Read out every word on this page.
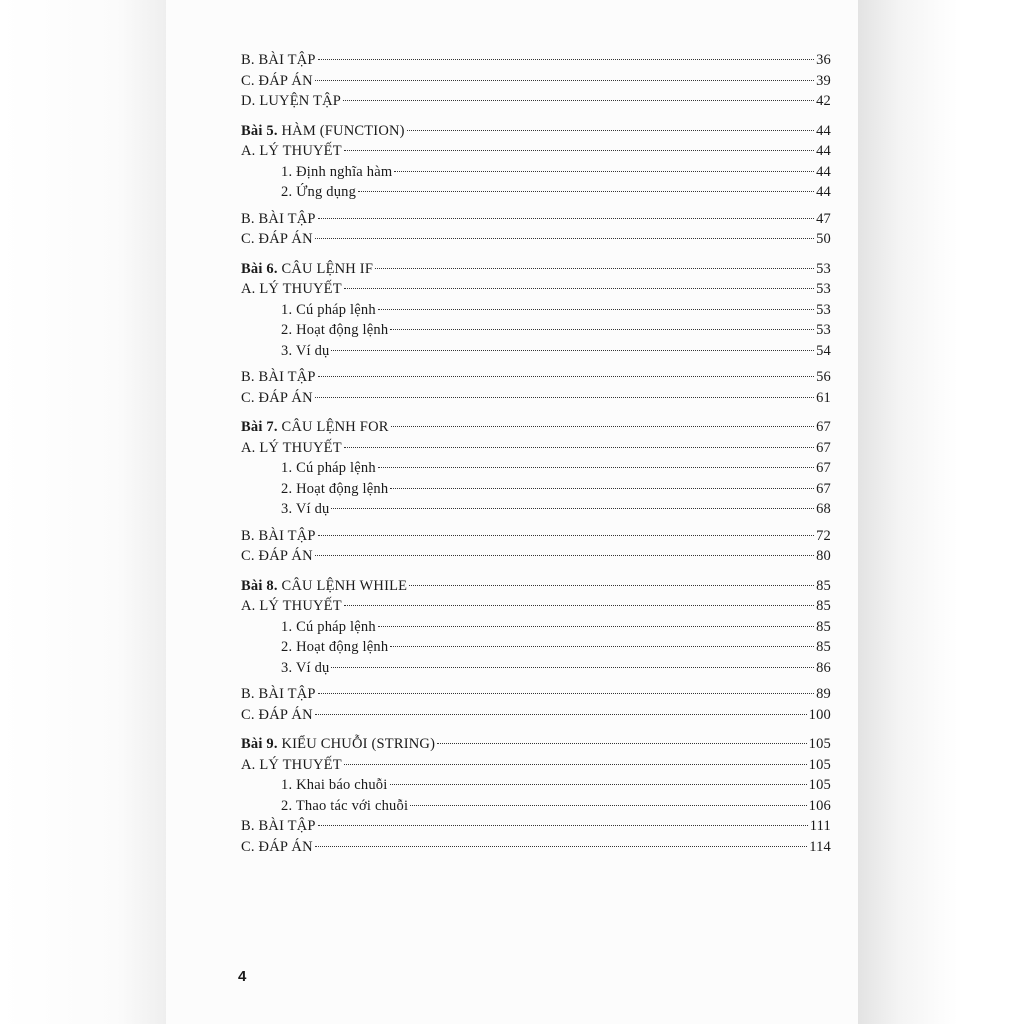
B. BÀI TẬP	36
C. ĐÁP ÁN	39
D. LUYỆN TẬP	42
Bài 5. HÀM (FUNCTION)	44
A. LÝ THUYẾT	44
1. Định nghĩa hàm	44
2. Ứng dụng	44
B. BÀI TẬP	47
C. ĐÁP ÁN	50
Bài 6. CÂU LỆNH IF	53
A. LÝ THUYẾT	53
1. Cú pháp lệnh	53
2. Hoạt động lệnh	53
3. Ví dụ	54
B. BÀI TẬP	56
C. ĐÁP ÁN	61
Bài 7. CÂU LỆNH FOR	67
A. LÝ THUYẾT	67
1. Cú pháp lệnh	67
2. Hoạt động lệnh	67
3. Ví dụ	68
B. BÀI TẬP	72
C. ĐÁP ÁN	80
Bài 8. CÂU LỆNH WHILE	85
A. LÝ THUYẾT	85
1. Cú pháp lệnh	85
2. Hoạt động lệnh	85
3. Ví dụ	86
B. BÀI TẬP	89
C. ĐÁP ÁN	100
Bài 9. KIỂU CHUỖI (STRING)	105
A. LÝ THUYẾT	105
1. Khai báo chuỗi	105
2. Thao tác với chuỗi	106
B. BÀI TẬP	111
C. ĐÁP ÁN	114
4
